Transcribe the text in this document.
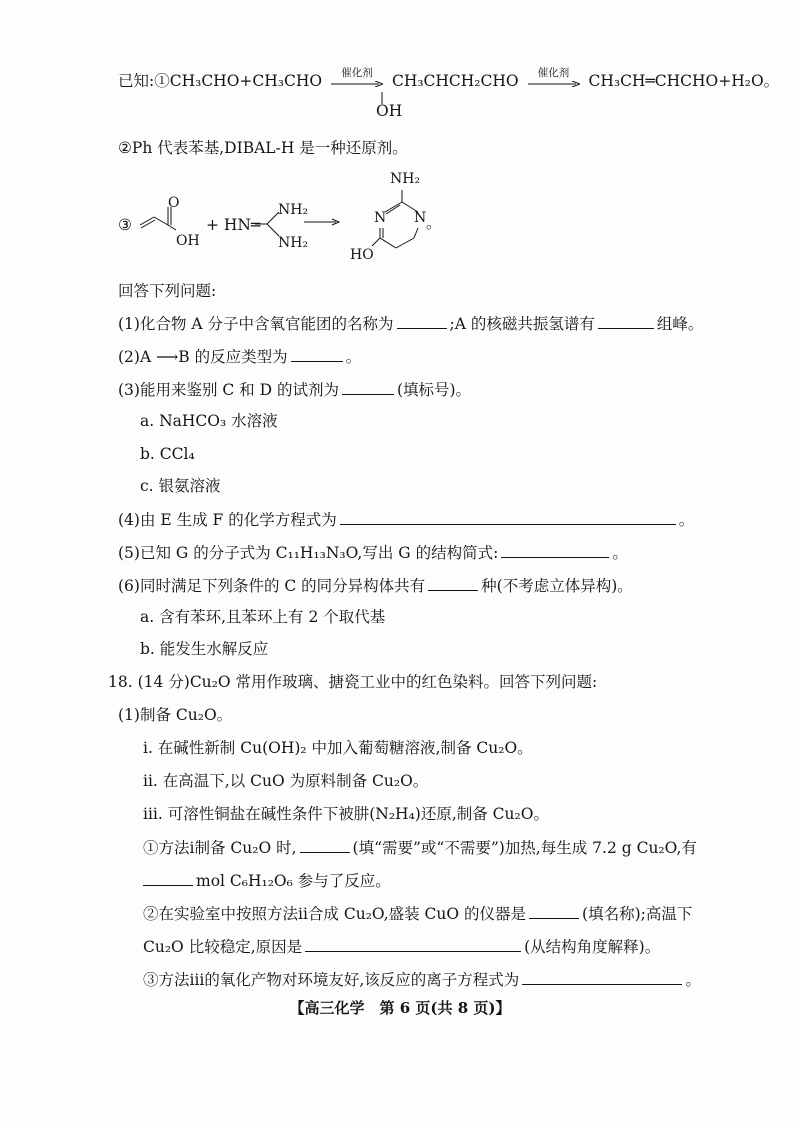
已知:①CH₃CHO+CH₃CHO	催化剂	CH₃CHCH₂CHO	催化剂	CH₃CH═CHCHO+H₂O。
OH
②Ph 代表苯基,DIBAL-H 是一种还原剂。
③
O
OH
+ HN═
NH₂
NH₂
NH₂
N N 。
HO
回答下列问题:
(1)化合物 A 分子中含氧官能团的名称为	;A 的核磁共振氢谱有	组峰。
(2)A ⟶B 的反应类型为	。
(3)能用来鉴别 C 和 D 的试剂为	(填标号)。
a. NaHCO₃ 水溶液
b. CCl₄
c. 银氨溶液
(4)由 E 生成 F 的化学方程式为	。
(5)已知 G 的分子式为 C₁₁H₁₃N₃O,写出 G 的结构简式:	。
(6)同时满足下列条件的 C 的同分异构体共有	种(不考虑立体异构)。
a. 含有苯环,且苯环上有 2 个取代基
b. 能发生水解反应
18. (14 分)Cu₂O 常用作玻璃、搪瓷工业中的红色染料。回答下列问题:
(1)制备 Cu₂O。
ⅰ. 在碱性新制 Cu(OH)₂ 中加入葡萄糖溶液,制备 Cu₂O。
ⅱ. 在高温下,以 CuO 为原料制备 Cu₂O。
ⅲ. 可溶性铜盐在碱性条件下被肼(N₂H₄)还原,制备 Cu₂O。
①方法ⅰ制备 Cu₂O 时,	(填“需要”或“不需要”)加热,每生成 7.2 g Cu₂O,有
mol C₆H₁₂O₆ 参与了反应。
②在实验室中按照方法ⅱ合成 Cu₂O,盛装 CuO 的仪器是	(填名称);高温下
Cu₂O 比较稳定,原因是	(从结构角度解释)。
③方法ⅲ的氧化产物对环境友好,该反应的离子方程式为	。
【高三化学　第 6 页(共 8 页)】
